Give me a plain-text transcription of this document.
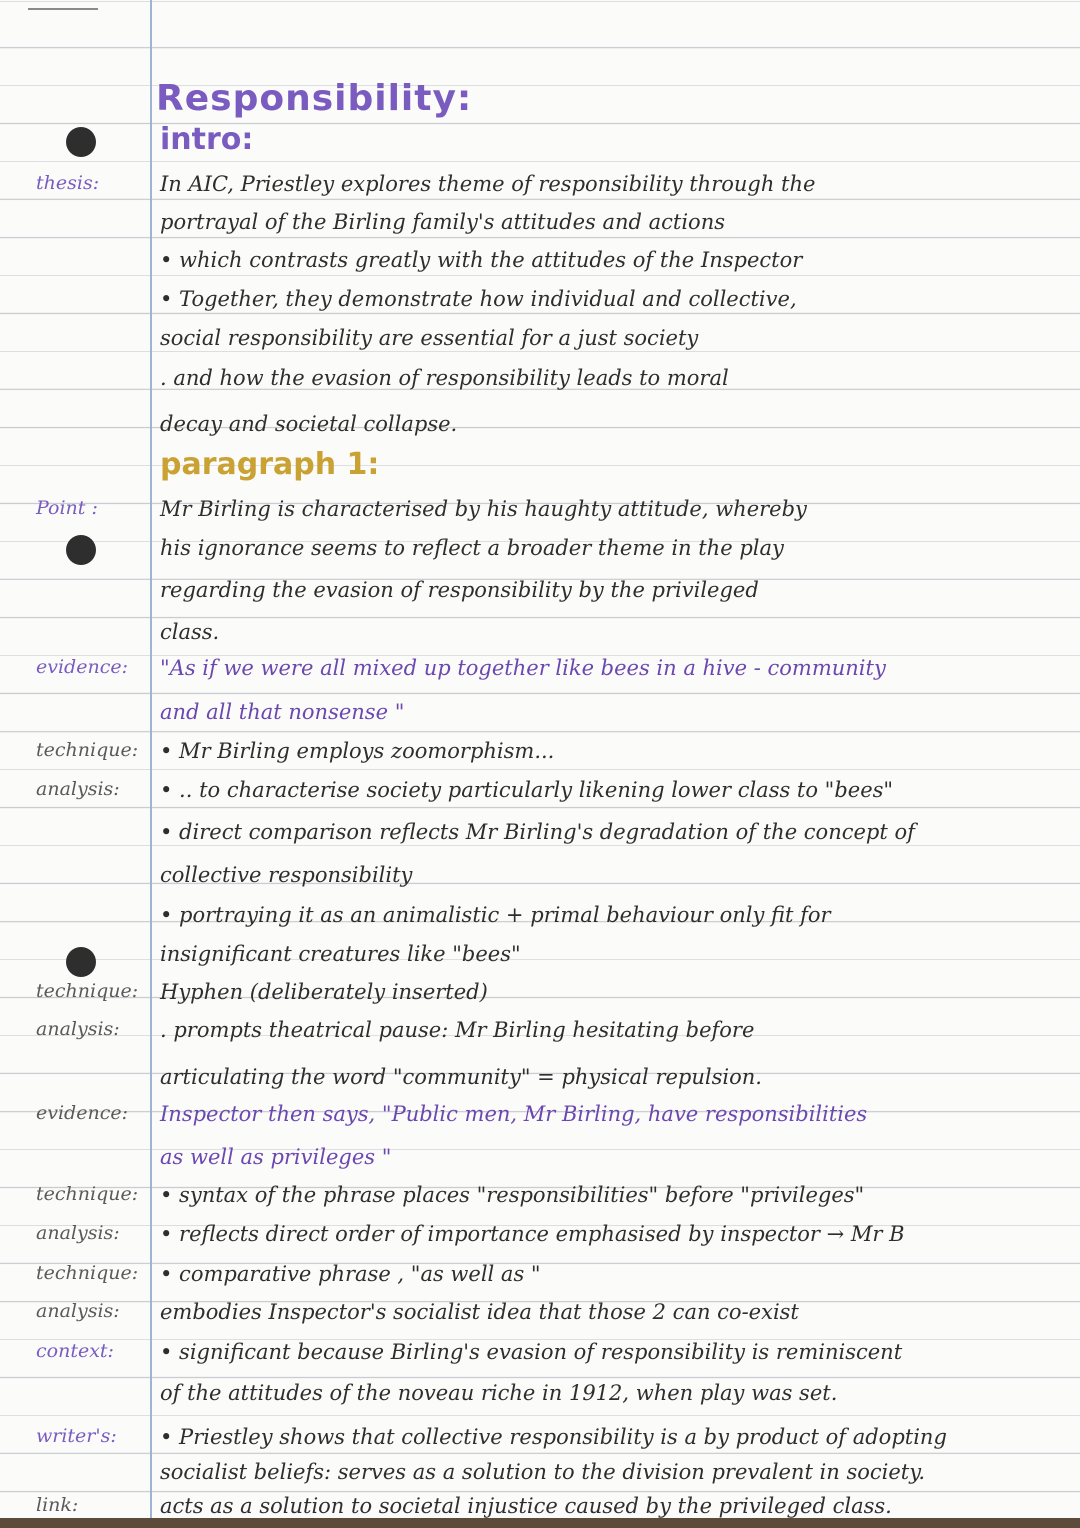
Responsibility:
intro:
thesis:	In AIC, Priestley explores theme of responsibility through the
portrayal of the Birling family's attitudes and actions
• which contrasts greatly with the attitudes of the Inspector
• Together, they demonstrate how individual and collective,
social responsibility are essential for a just society
. and how the evasion of responsibility leads to moral
decay and societal collapse.
paragraph 1:
Point :	Mr Birling is characterised by his haughty attitude, whereby
his ignorance seems to reflect a broader theme in the play
regarding the evasion of responsibility by the privileged
class.
evidence: "As if we were all mixed up together like bees in a hive - community
and all that nonsense "
technique: • Mr Birling employs zoomorphism...
analysis: • .. to characterise society particularly likening lower class to "bees"
• direct comparison reflects Mr Birling's degradation of the concept of
collective responsibility
• portraying it as an animalistic + primal behaviour only fit for
insignificant creatures like "bees"
technique: Hyphen (deliberately inserted)
analysis: . prompts theatrical pause: Mr Birling hesitating before
articulating the word "community" = physical repulsion.
evidence: Inspector then says, "Public men, Mr Birling, have responsibilities
as well as privileges "
technique: • syntax of the phrase places "responsibilities" before "privileges"
analysis: • reflects direct order of importance emphasised by inspector → Mr B
technique: • comparative phrase , "as well as "
analysis: embodies Inspector's socialist idea that those 2 can co-exist
context: • significant because Birling's evasion of responsibility is reminiscent
of the attitudes of the noveau riche in 1912, when play was set.
writer's: • Priestley shows that collective responsibility is a by product of adopting
socialist beliefs: serves as a solution to the division prevalent in society.
link:	acts as a solution to societal injustice caused by the privileged class.
